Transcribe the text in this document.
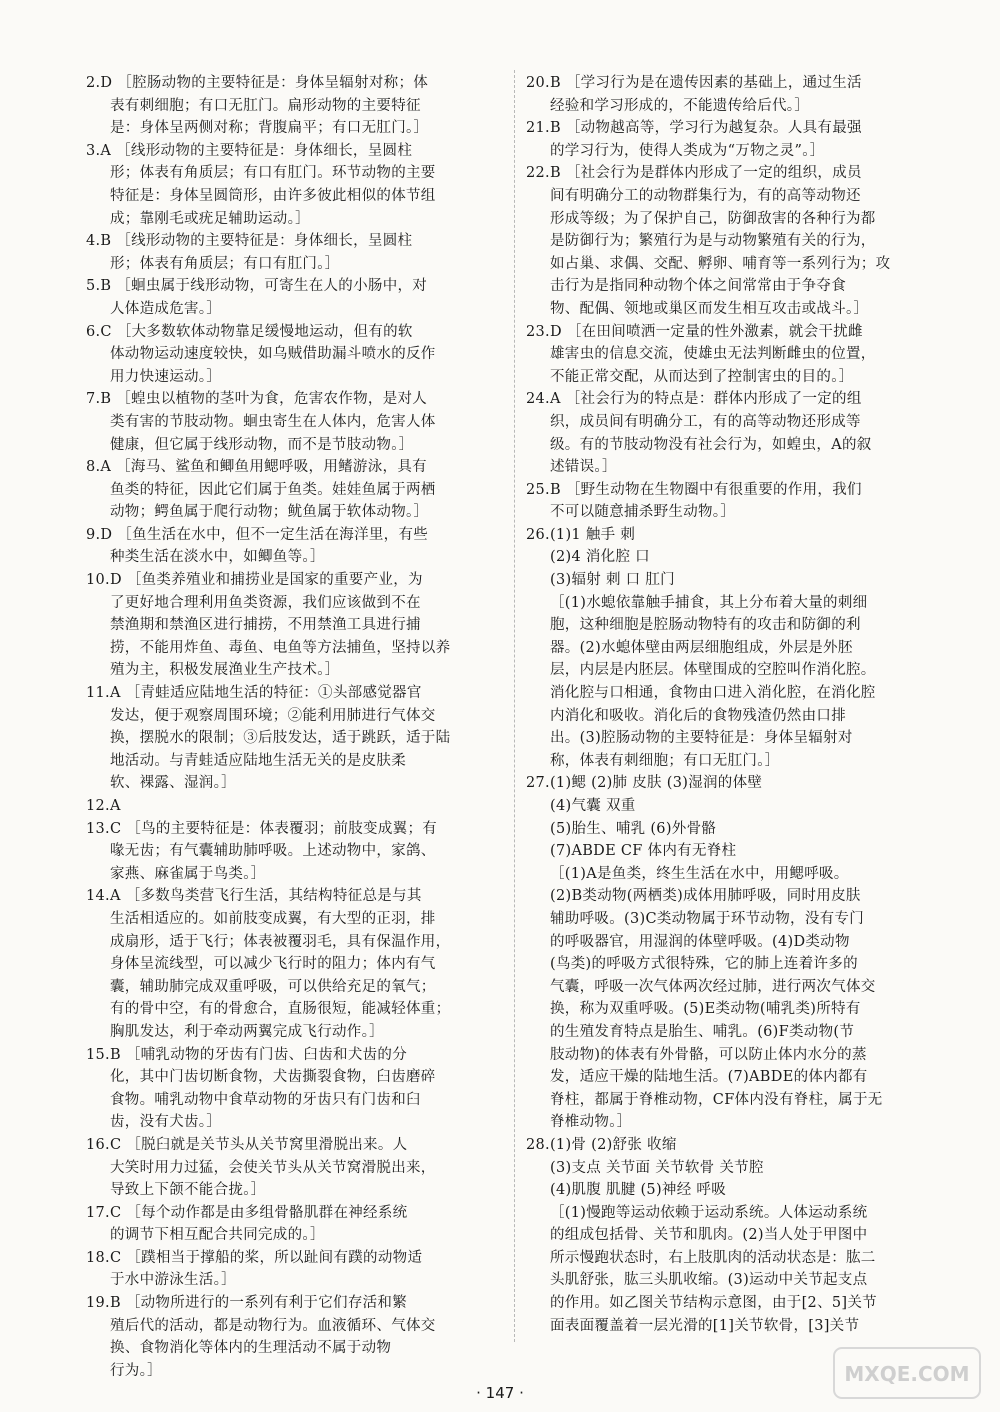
2.D ［腔肠动物的主要特征是：身体呈辐射对称；体
表有刺细胞；有口无肛门。扁形动物的主要特征
是：身体呈两侧对称；背腹扁平；有口无肛门。］
3.A ［线形动物的主要特征是：身体细长，呈圆柱
形；体表有角质层；有口有肛门。环节动物的主要
特征是：身体呈圆筒形，由许多彼此相似的体节组
成；靠刚毛或疣足辅助运动。］
4.B ［线形动物的主要特征是：身体细长，呈圆柱
形；体表有角质层；有口有肛门。］
5.B ［蛔虫属于线形动物，可寄生在人的小肠中，对
人体造成危害。］
6.C ［大多数软体动物靠足缓慢地运动，但有的软
体动物运动速度较快，如乌贼借助漏斗喷水的反作
用力快速运动。］
7.B ［蝗虫以植物的茎叶为食，危害农作物，是对人
类有害的节肢动物。蛔虫寄生在人体内，危害人体
健康，但它属于线形动物，而不是节肢动物。］
8.A ［海马、鲨鱼和鲫鱼用鳃呼吸，用鳍游泳，具有
鱼类的特征，因此它们属于鱼类。娃娃鱼属于两栖
动物；鳄鱼属于爬行动物；鱿鱼属于软体动物。］
9.D ［鱼生活在水中，但不一定生活在海洋里，有些
种类生活在淡水中，如鲫鱼等。］
10.D ［鱼类养殖业和捕捞业是国家的重要产业，为
了更好地合理利用鱼类资源，我们应该做到不在
禁渔期和禁渔区进行捕捞，不用禁渔工具进行捕
捞，不能用炸鱼、毒鱼、电鱼等方法捕鱼，坚持以养
殖为主，积极发展渔业生产技术。］
11.A ［青蛙适应陆地生活的特征：①头部感觉器官
发达，便于观察周围环境；②能利用肺进行气体交
换，摆脱水的限制；③后肢发达，适于跳跃，适于陆
地活动。与青蛙适应陆地生活无关的是皮肤柔
软、裸露、湿润。］
12.A
13.C ［鸟的主要特征是：体表覆羽；前肢变成翼；有
喙无齿；有气囊辅助肺呼吸。上述动物中，家鸽、
家燕、麻雀属于鸟类。］
14.A ［多数鸟类营飞行生活，其结构特征总是与其
生活相适应的。如前肢变成翼，有大型的正羽，排
成扇形，适于飞行；体表被覆羽毛，具有保温作用，
身体呈流线型，可以减少飞行时的阻力；体内有气
囊，辅助肺完成双重呼吸，可以供给充足的氧气；
有的骨中空，有的骨愈合，直肠很短，能减轻体重；
胸肌发达，利于牵动两翼完成飞行动作。］
15.B ［哺乳动物的牙齿有门齿、臼齿和犬齿的分
化，其中门齿切断食物，犬齿撕裂食物，臼齿磨碎
食物。哺乳动物中食草动物的牙齿只有门齿和臼
齿，没有犬齿。］
16.C ［脱臼就是关节头从关节窝里滑脱出来。人
大笑时用力过猛，会使关节头从关节窝滑脱出来，
导致上下颌不能合拢。］
17.C ［每个动作都是由多组骨骼肌群在神经系统
的调节下相互配合共同完成的。］
18.C ［蹼相当于撑船的桨，所以趾间有蹼的动物适
于水中游泳生活。］
19.B ［动物所进行的一系列有利于它们存活和繁
殖后代的活动，都是动物行为。血液循环、气体交
换、食物消化等体内的生理活动不属于动物
行为。］
20.B ［学习行为是在遗传因素的基础上，通过生活
经验和学习形成的，不能遗传给后代。］
21.B ［动物越高等，学习行为越复杂。人具有最强
的学习行为，使得人类成为“万物之灵”。］
22.B ［社会行为是群体内形成了一定的组织，成员
间有明确分工的动物群集行为，有的高等动物还
形成等级；为了保护自己，防御敌害的各种行为都
是防御行为；繁殖行为是与动物繁殖有关的行为，
如占巢、求偶、交配、孵卵、哺育等一系列行为；攻
击行为是指同种动物个体之间常常由于争夺食
物、配偶、领地或巢区而发生相互攻击或战斗。］
23.D ［在田间喷洒一定量的性外激素，就会干扰雌
雄害虫的信息交流，使雄虫无法判断雌虫的位置，
不能正常交配，从而达到了控制害虫的目的。］
24.A ［社会行为的特点是：群体内形成了一定的组
织，成员间有明确分工，有的高等动物还形成等
级。有的节肢动物没有社会行为，如蝗虫，A的叙
述错误。］
25.B ［野生动物在生物圈中有很重要的作用，我们
不可以随意捕杀野生动物。］
26.(1)1 触手 刺
(2)4 消化腔 口
(3)辐射 刺 口 肛门
［(1)水螅依靠触手捕食，其上分布着大量的刺细
胞，这种细胞是腔肠动物特有的攻击和防御的利
器。(2)水螅体壁由两层细胞组成，外层是外胚
层，内层是内胚层。体壁围成的空腔叫作消化腔。
消化腔与口相通，食物由口进入消化腔，在消化腔
内消化和吸收。消化后的食物残渣仍然由口排
出。(3)腔肠动物的主要特征是：身体呈辐射对
称，体表有刺细胞；有口无肛门。］
27.(1)鳃 (2)肺 皮肤 (3)湿润的体壁
(4)气囊 双重
(5)胎生、哺乳 (6)外骨骼
(7)ABDE CF 体内有无脊柱
［(1)A是鱼类，终生生活在水中，用鳃呼吸。
(2)B类动物(两栖类)成体用肺呼吸，同时用皮肤
辅助呼吸。(3)C类动物属于环节动物，没有专门
的呼吸器官，用湿润的体壁呼吸。(4)D类动物
(鸟类)的呼吸方式很特殊，它的肺上连着许多的
气囊，呼吸一次气体两次经过肺，进行两次气体交
换，称为双重呼吸。(5)E类动物(哺乳类)所特有
的生殖发育特点是胎生、哺乳。(6)F类动物(节
肢动物)的体表有外骨骼，可以防止体内水分的蒸
发，适应干燥的陆地生活。(7)ABDE的体内都有
脊柱，都属于脊椎动物，CF体内没有脊柱，属于无
脊椎动物。］
28.(1)骨 (2)舒张 收缩
(3)支点 关节面 关节软骨 关节腔
(4)肌腹 肌腱 (5)神经 呼吸
［(1)慢跑等运动依赖于运动系统。人体运动系统
的组成包括骨、关节和肌肉。(2)当人处于甲图中
所示慢跑状态时，右上肢肌肉的活动状态是：肱二
头肌舒张，肱三头肌收缩。(3)运动中关节起支点
的作用。如乙图关节结构示意图，由于[2、5]关节
面表面覆盖着一层光滑的[1]关节软骨，[3]关节
· 147 ·
MXQE.COM
